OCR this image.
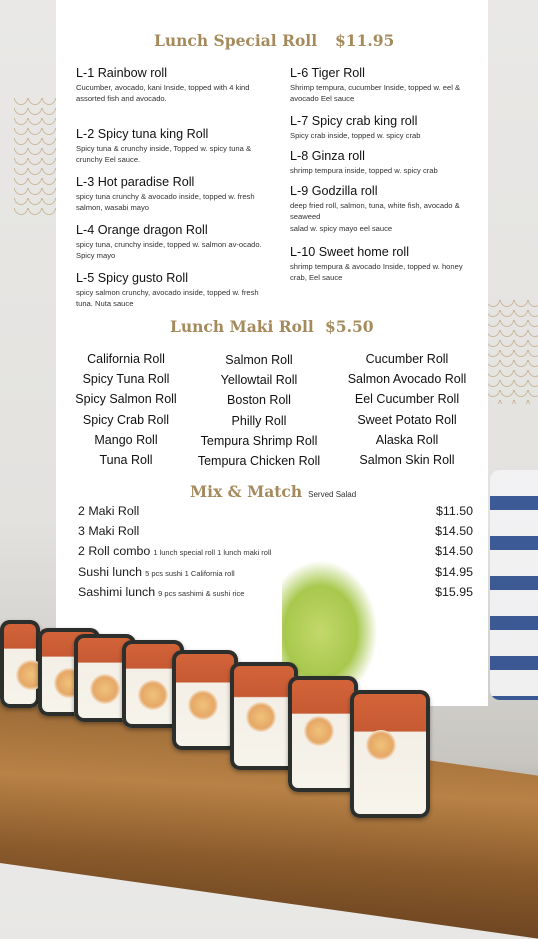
Lunch Special Roll $11.95
L-1 Rainbow roll
Cucumber, avocado, kani Inside, topped with 4 kind assorted fish and avocado.
L-2 Spicy tuna king Roll
Spicy tuna & crunchy inside, Topped w. spicy tuna & crunchy Eel sauce.
L-3 Hot paradise Roll
spicy tuna crunchy & avocado inside, topped w. fresh salmon, wasabi mayo
L-4 Orange dragon Roll
spicy tuna, crunchy inside, topped w. salmon av-ocado. Spicy mayo
L-5 Spicy gusto Roll
spicy salmon crunchy, avocado inside, topped w. fresh tuna. Nuta sauce
L-6 Tiger Roll
Shrimp tempura, cucumber Inside, topped w. eel & avocado Eel sauce
L-7 Spicy crab king roll
Spicy crab inside, topped w. spicy crab
L-8 Ginza roll
shrimp tempura inside, topped w. spicy crab
L-9 Godzilla roll
deep fried roll, salmon, tuna, white fish, avocado & seaweed
salad w. spicy mayo eel sauce
L-10 Sweet home roll
shrimp tempura & avocado Inside, topped w. honey crab, Eel sauce
Lunch Maki Roll $5.50
California Roll
Spicy Tuna Roll
Spicy Salmon Roll
Spicy Crab Roll
Mango Roll
Tuna Roll
Salmon Roll
Yellowtail Roll
Boston Roll
Philly Roll
Tempura Shrimp Roll
Tempura Chicken Roll
Cucumber Roll
Salmon Avocado Roll
Eel Cucumber Roll
Sweet Potato Roll
Alaska Roll
Salmon Skin Roll
Mix & Match Served Salad
2 Maki Roll	$11.50
3 Maki Roll	$14.50
2 Roll combo 1 lunch special roll 1 lunch maki roll	$14.50
Sushi lunch 5 pcs sushi 1 California roll	$14.95
Sashimi lunch 9 pcs sashimi & sushi rice	$15.95
